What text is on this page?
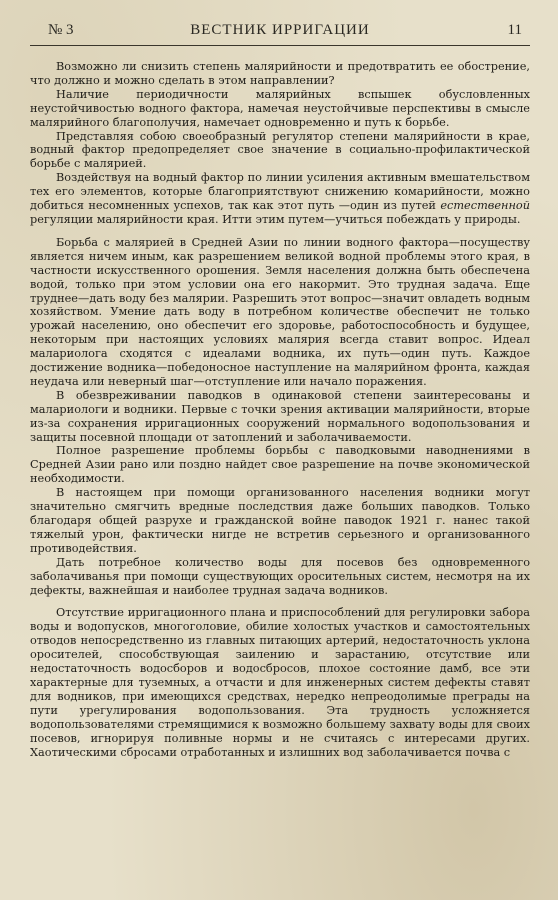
№ 3	ВЕСТНИК ИРРИГАЦИИ	11

Возможно ли снизить степень малярийности и предотвратить ее обострение, что должно и можно сделать в этом направлении?

Наличие периодичности малярийных вспышек обусловленных неустойчивостью водного фактора, намечая неустойчивые перспективы в смысле малярийного благополучия, намечает одновременно и путь к борьбе.

Представляя собою своеобразный регулятор степени малярийности в крае, водный фактор предопределяет свое значение в социально-профилактической борьбе с малярией.

Воздействуя на водный фактор по линии усиления активным вмешательством тех его элементов, которые благоприятствуют снижению комарийности, можно добиться несомненных успехов, так как этот путь —один из путей естественной регуляции малярийности края. Итти этим путем—учиться побеждать у природы.

Борьба с малярией в Средней Азии по линии водного фактора—посуществу является ничем иным, как разрешением великой водной проблемы этого края, в частности искусственного орошения. Земля населения должна быть обеспечена водой, только при этом условии она его накормит. Это трудная задача. Еще труднее—дать воду без малярии. Разрешить этот вопрос—значит овладеть водным хозяйством. Умение дать воду в потребном количестве обеспечит не только урожай населению, оно обеспечит его здоровье, работоспособность и будущее, некоторым при настоящих условиях малярия всегда ставит вопрос. Идеал малариолога сходятся с идеалами водника, их путь—один путь. Каждое достижение водника—победоносное наступление на малярийном фронта, каждая неудача или неверный шаг—отступление или начало поражения.

В обезвреживании паводков в одинаковой степени заинтересованы и малариологи и водники. Первые с точки зрения активации малярийности, вторые из-за сохранения ирригационных сооружений нормального водопользования и защиты посевной площади от затоплений и заболачиваемости.

Полное разрешение проблемы борьбы с паводковыми наводнениями в Средней Азии рано или поздно найдет свое разрешение на почве экономической необходимости.

В настоящем при помощи организованного населения водники могут значительно смягчить вредные последствия даже больших паводков. Только благодаря общей разрухе и гражданской войне паводок 1921 г. нанес такой тяжелый урон, фактически нигде не встретив серьезного и организованного противодействия.

Дать потребное количество воды для посевов без одновременного заболачиванья при помощи существующих оросительных систем, несмотря на их дефекты, важнейшая и наиболее трудная задача водников.

Отсутствие ирригационного плана и приспособлений для регулировки забора воды и водопусков, многоголовие, обилие холостых участков и самостоятельных отводов непосредственно из главных питающих артерий, недостаточность уклона оросителей, способствующая заилению и зарастанию, отсутствие или недостаточность водосборов и водосбросов, плохое состояние дамб, все эти характерные для туземных, а отчасти и для инженерных систем дефекты ставят для водников, при имеющихся средствах, нередко непреодолимые преграды на пути урегулирования водопользования. Эта трудность усложняется водопользователями стремящимися к возможно большему захвату воды для своих посевов, игнорируя поливные нормы и не считаясь с интересами других. Хаотическими сбросами отработанных и излишних вод заболачивается почва с
